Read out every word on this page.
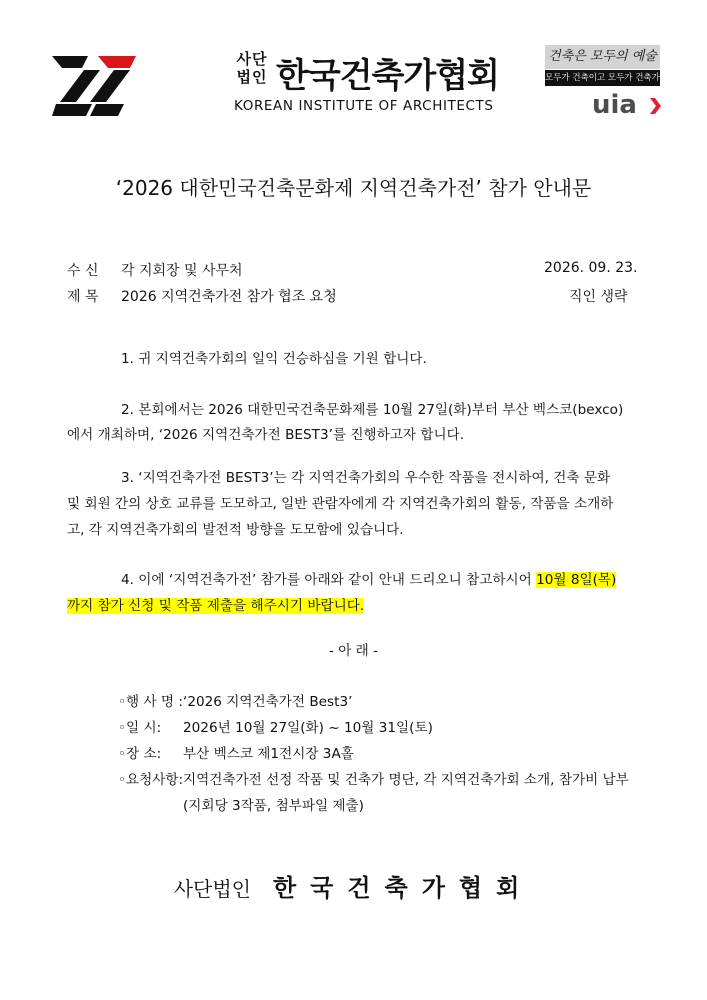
사단
법인 한국건축가협회
KOREAN INSTITUTE OF ARCHITECTS
건축은 모두의 예술
모두가 건축이고 모두가 건축가다
uia
‘2026 대한민국건축문화제 지역건축가전’ 참가 안내문
수 신 각 지회장 및 사무처	2026. 09. 23.
제 목 2026 지역건축가전 참가 협조 요청	직인 생략
1. 귀 지역건축가회의 일익 건승하심을 기원 합니다.
2. 본회에서는 2026 대한민국건축문화제를 10월 27일(화)부터 부산 벡스코(bexco)
에서 개최하며, ‘2026 지역건축가전 BEST3’를 진행하고자 합니다.
3. ‘지역건축가전 BEST3’는 각 지역건축가회의 우수한 작품을 전시하여, 건축 문화
및 회원 간의 상호 교류를 도모하고, 일반 관람자에게 각 지역건축가회의 활동, 작품을 소개하
고, 각 지역건축가회의 발전적 방향을 도모함에 있습니다.
4. 이에 ‘지역건축가전’ 참가를 아래와 같이 안내 드리오니 참고하시어 10월 8일(목)
까지 참가 신청 및 작품 제출을 해주시기 바랍니다.
- 아 래 -
◦행 사 명 : ‘2026 지역건축가전 Best3’
◦일 시: 2026년 10월 27일(화) ~ 10월 31일(토)
◦장 소: 부산 벡스코 제1전시장 3A홀
◦요청사항: 지역건축가전 선정 작품 및 건축가 명단, 각 지역건축가회 소개, 참가비 납부
(지회당 3작품, 첨부파일 제출)
사단법인 한국건축가협회
